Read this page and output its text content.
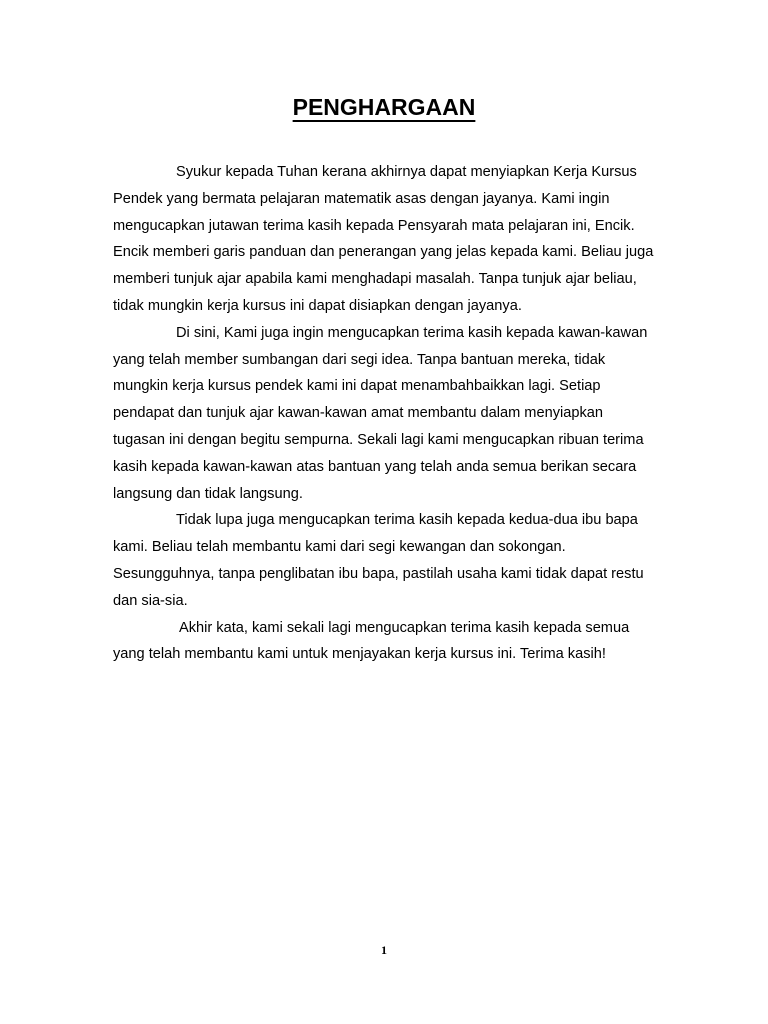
PENGHARGAAN

Syukur kepada Tuhan kerana akhirnya dapat menyiapkan Kerja Kursus Pendek yang bermata pelajaran matematik asas dengan jayanya. Kami ingin mengucapkan jutawan terima kasih kepada Pensyarah mata pelajaran ini, Encik. Encik memberi garis panduan dan penerangan yang jelas kepada kami. Beliau juga memberi tunjuk ajar apabila kami menghadapi masalah. Tanpa tunjuk ajar beliau, tidak mungkin kerja kursus ini dapat disiapkan dengan jayanya.

Di sini, Kami juga ingin mengucapkan terima kasih kepada kawan-kawan yang telah member sumbangan dari segi idea. Tanpa bantuan mereka, tidak mungkin kerja kursus pendek kami ini dapat menambahbaikkan lagi. Setiap pendapat dan tunjuk ajar kawan-kawan amat membantu dalam menyiapkan tugasan ini dengan begitu sempurna. Sekali lagi kami mengucapkan ribuan terima kasih kepada kawan-kawan atas bantuan yang telah anda semua berikan secara langsung dan tidak langsung.

Tidak lupa juga mengucapkan terima kasih kepada kedua-dua ibu bapa kami. Beliau telah membantu kami dari segi kewangan dan sokongan. Sesungguhnya, tanpa penglibatan ibu bapa, pastilah usaha kami tidak dapat restu dan sia-sia.

Akhir kata, kami sekali lagi mengucapkan terima kasih kepada semua yang telah membantu kami untuk menjayakan kerja kursus ini. Terima kasih!

1
